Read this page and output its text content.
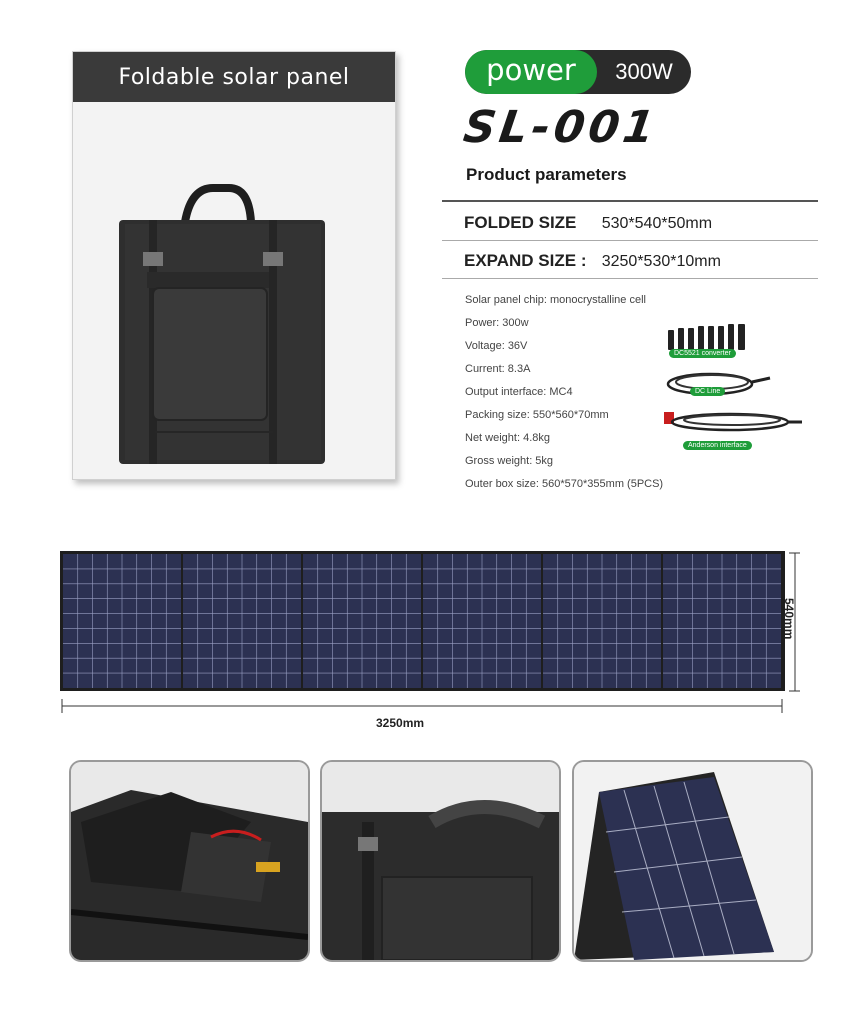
Foldable solar panel	power	300W
SL-001
Product parameters
FOLDED SIZE 530*540*50mm
EXPAND SIZE : 3250*530*10mm
Solar panel chip: monocrystalline cell
Power: 300w
Voltage: 36V
Current: 8.3A
Output interface: MC4
Packing size: 550*560*70mm
Net weight: 4.8kg
Gross weight: 5kg
Outer box size: 560*570*355mm (5PCS)
DC5521 converter
DC Line
Anderson interface
3250mm
540mm
